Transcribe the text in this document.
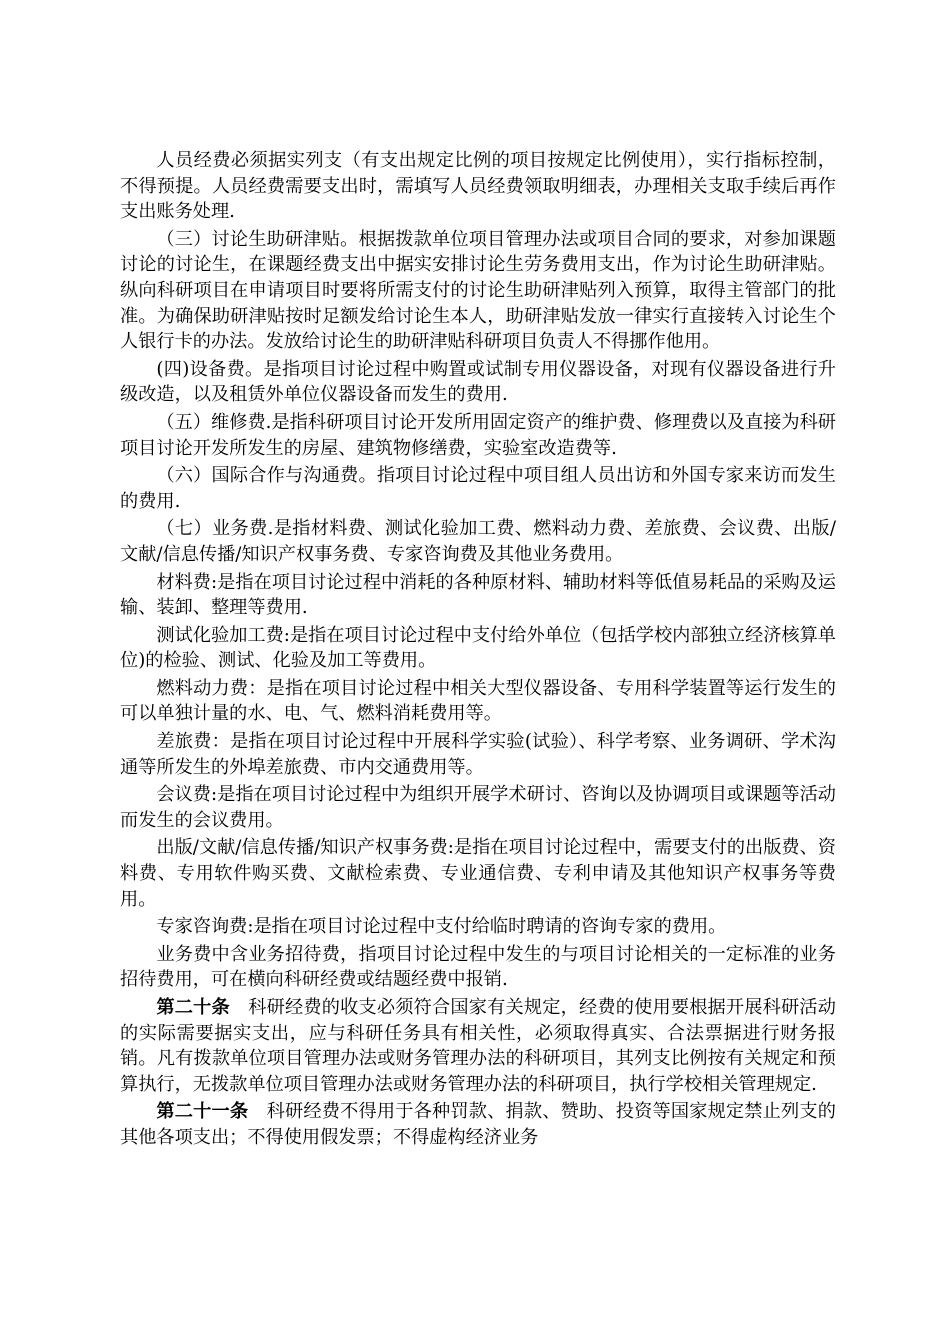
人员经费必须据实列支（有支出规定比例的项目按规定比例使用），实行指标控制，不得预提。人员经费需要支出时，需填写人员经费领取明细表，办理相关支取手续后再作支出账务处理.

（三）讨论生助研津贴。根据拨款单位项目管理办法或项目合同的要求，对参加课题讨论的讨论生，在课题经费支出中据实安排讨论生劳务费用支出，作为讨论生助研津贴。纵向科研项目在申请项目时要将所需支付的讨论生助研津贴列入预算，取得主管部门的批准。为确保助研津贴按时足额发给讨论生本人，助研津贴发放一律实行直接转入讨论生个人银行卡的办法。发放给讨论生的助研津贴科研项目负责人不得挪作他用。

(四)设备费。是指项目讨论过程中购置或试制专用仪器设备，对现有仪器设备进行升级改造，以及租赁外单位仪器设备而发生的费用.

（五）维修费.是指科研项目讨论开发所用固定资产的维护费、修理费以及直接为科研项目讨论开发所发生的房屋、建筑物修缮费，实验室改造费等.

（六）国际合作与沟通费。指项目讨论过程中项目组人员出访和外国专家来访而发生的费用.

（七）业务费.是指材料费、测试化验加工费、燃料动力费、差旅费、会议费、出版/文献/信息传播/知识产权事务费、专家咨询费及其他业务费用。

材料费:是指在项目讨论过程中消耗的各种原材料、辅助材料等低值易耗品的采购及运输、装卸、整理等费用.

测试化验加工费:是指在项目讨论过程中支付给外单位（包括学校内部独立经济核算单位)的检验、测试、化验及加工等费用。

燃料动力费：是指在项目讨论过程中相关大型仪器设备、专用科学装置等运行发生的可以单独计量的水、电、气、燃料消耗费用等。

差旅费：是指在项目讨论过程中开展科学实验(试验）、科学考察、业务调研、学术沟通等所发生的外埠差旅费、市内交通费用等。

会议费:是指在项目讨论过程中为组织开展学术研讨、咨询以及协调项目或课题等活动而发生的会议费用。

出版/文献/信息传播/知识产权事务费:是指在项目讨论过程中，需要支付的出版费、资料费、专用软件购买费、文献检索费、专业通信费、专利申请及其他知识产权事务等费用。

专家咨询费:是指在项目讨论过程中支付给临时聘请的咨询专家的费用。

业务费中含业务招待费，指项目讨论过程中发生的与项目讨论相关的一定标准的业务招待费用，可在横向科研经费或结题经费中报销.

第二十条　科研经费的收支必须符合国家有关规定，经费的使用要根据开展科研活动的实际需要据实支出，应与科研任务具有相关性，必须取得真实、合法票据进行财务报销。凡有拨款单位项目管理办法或财务管理办法的科研项目，其列支比例按有关规定和预算执行，无拨款单位项目管理办法或财务管理办法的科研项目，执行学校相关管理规定.

第二十一条　科研经费不得用于各种罚款、捐款、赞助、投资等国家规定禁止列支的其他各项支出；不得使用假发票；不得虚构经济业务
